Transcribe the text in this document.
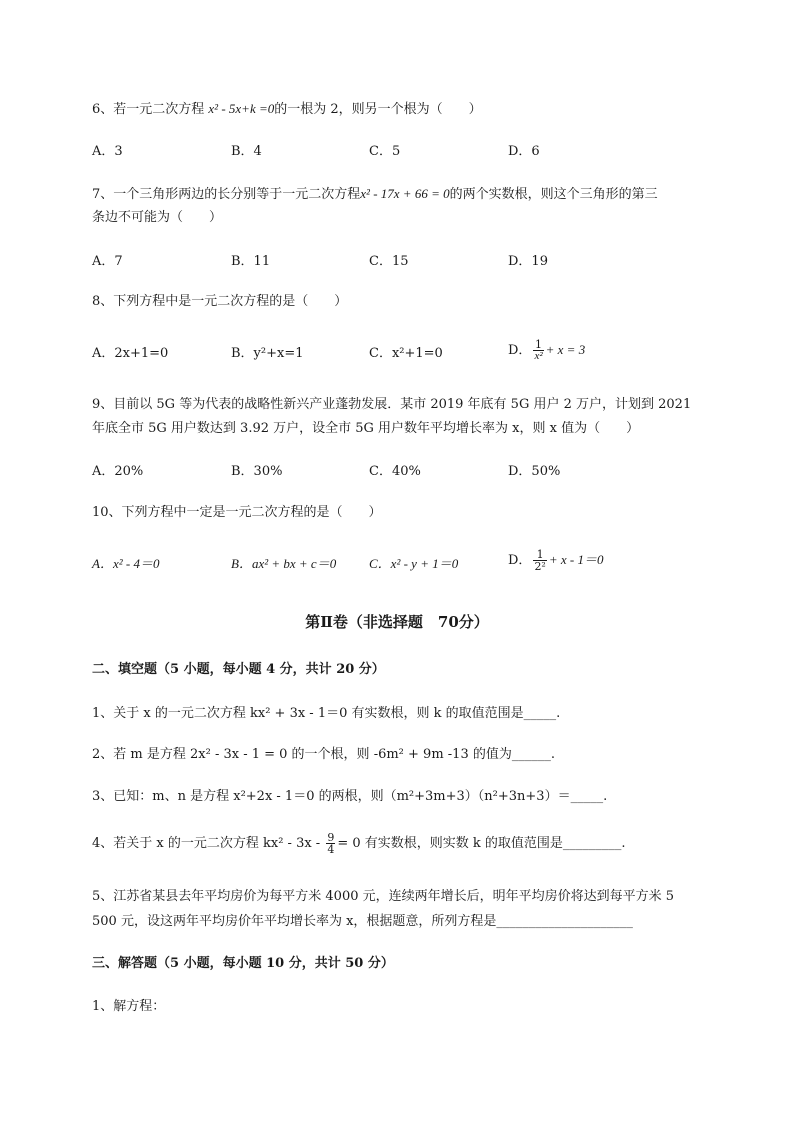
6、若一元二次方程 x² - 5x+k =0的一根为 2，则另一个根为（　　）
A．3	B．4	C．5	D．6
7、一个三角形两边的长分别等于一元二次方程x² - 17x + 66 = 0的两个实数根，则这个三角形的第三
条边不可能为（　　）
A．7	B．11	C．15	D．19
8、下列方程中是一元二次方程的是（　　）
A．2x+1=0	B．y²+x=1	C．x²+1=0	D． $\frac{1}{\text{x²}} + x = 3$
9、目前以 5G 等为代表的战略性新兴产业蓬勃发展．某市 2019 年底有 5G 用户 2 万户，计划到 2021
年底全市 5G 用户数达到 3.92 万户，设全市 5G 用户数年平均增长率为 x，则 x 值为（　　）
A．20%	B．30%	C．40%	D．50%
10、下列方程中一定是一元二次方程的是（　　）
A．x² - 4＝0	B．ax² + bx + c＝0	C．x² - y + 1＝0	D． $\frac{1}{\text{2²}} + x - 1=0$
第Ⅱ卷（非选择题　70分）
二、填空题（5 小题，每小题 4 分，共计 20 分）
1、关于 x 的一元二次方程 kx² + 3x - 1＝0 有实数根，则 k 的取值范围是_____.
2、若 m 是方程 2x² - 3x - 1 = 0 的一个根，则 -6m² + 9m -13 的值为______.
3、已知：m、n 是方程 x²+2x - 1＝0 的两根，则（m²+3m+3）（n²+3n+3）＝_____.
4、若关于 x 的一元二次方程 $kx^2 - 3x - \frac{9}{4} = 0$ 有实数根，则实数 k 的取值范围是_________.
5、江苏省某县去年平均房价为每平方米 4000 元，连续两年增长后，明年平均房价将达到每平方米 5
500 元，设这两年平均房价年平均增长率为 x，根据题意，所列方程是_____________________
三、解答题（5 小题，每小题 10 分，共计 50 分）
1、解方程：
